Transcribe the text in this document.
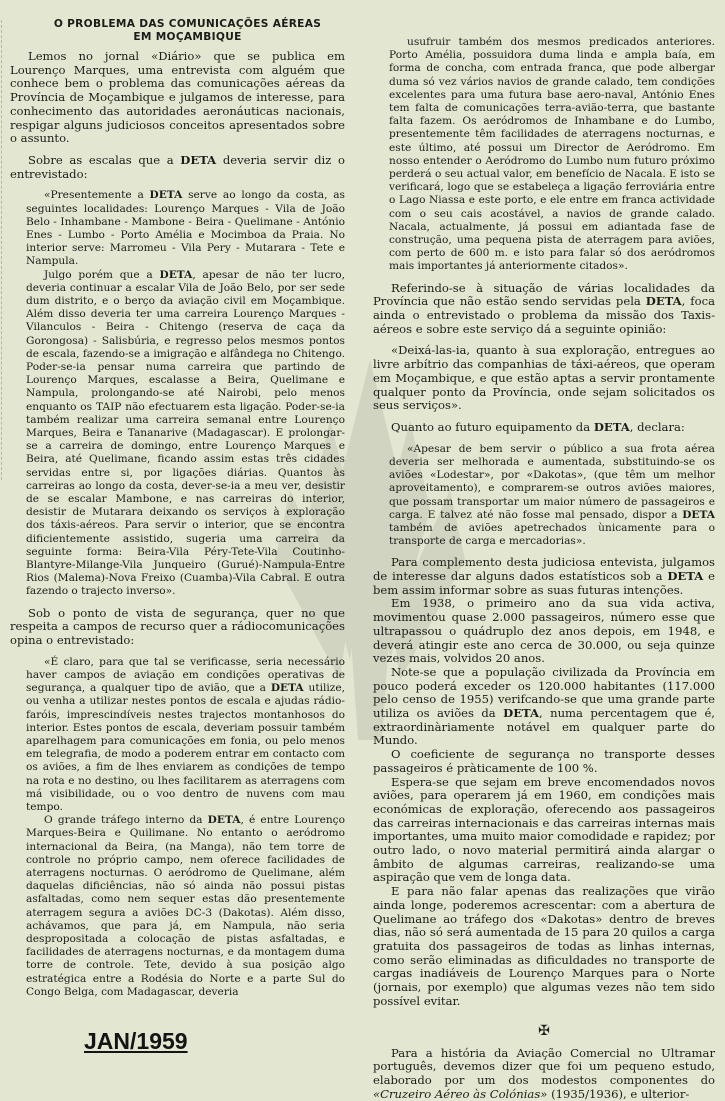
O PROBLEMA DAS COMUNICAÇÕES AÉREAS
EM MOÇAMBIQUE

Lemos no jornal «Diário» que se publica em Lourenço Marques, uma entrevista com alguém que conhece bem o problema das comunicações aéreas da Província de Moçambique e julgamos de interesse, para conhecimento das autoridades aeronáuticas nacionais, respigar alguns judiciosos conceitos apresentados sobre o assunto.

Sobre as escalas que a DETA deveria servir diz o entrevistado:

«Presentemente a DETA serve ao longo da costa, as seguintes localidades: Lourenço Marques - Vila de João Belo - Inhambane - Mambone - Beira - Quelimane - António Enes - Lumbo - Porto Amélia e Mocimboa da Praia. No interior serve: Marromeu - Vila Pery - Mutarara - Tete e Nampula.

Julgo porém que a DETA, apesar de não ter lucro, deveria continuar a escalar Vila de João Belo, por ser sede dum distrito, e o berço da aviação civil em Moçambique. Além disso deveria ter uma carreira Lourenço Marques - Vilanculos - Beira - Chitengo (reserva de caça da Gorongosa) - Salisbúria, e regresso pelos mesmos pontos de escala, fazendo-se a imigração e alfândega no Chitengo. Poder-se-ia pensar numa carreira que partindo de Lourenço Marques, escalasse a Beira, Quelimane e Nampula, prolongando-se até Nairobi, pelo menos enquanto os TAIP não efectuarem esta ligação. Poder-se-ia também realizar uma carreira semanal entre Lourenço Marques, Beira e Tananarive (Madagascar). E prolongar-se a carreira de domingo, entre Lourenço Marques e Beira, até Quelimane, ficando assim estas três cidades servidas entre si, por ligações diárias. Quantos às carreiras ao longo da costa, dever-se-ia a meu ver, desistir de se escalar Mambone, e nas carreiras do interior, desistir de Mutarara deixando os serviços à exploração dos táxis-aéreos. Para servir o interior, que se encontra dificientemente assistido, sugeria uma carreira da seguinte forma: Beira-Vila Péry-Tete-Vila Coutinho-Blantyre-Milange-Vila Junqueiro (Gurué)-Nampula-Entre Rios (Malema)-Nova Freixo (Cuamba)-Vila Cabral. E outra fazendo o trajecto inverso».

Sob o ponto de vista de segurança, quer no que respeita a campos de recurso quer a rádiocomunicações opina o entrevistado:

«É claro, para que tal se verificasse, seria necessário haver campos de aviação em condições operativas de segurança, a qualquer tipo de avião, que a DETA utilize, ou venha a utilizar nestes pontos de escala e ajudas rádio-faróis, imprescindíveis nestes trajectos montanhosos do interior. Estes pontos de escala, deveriam possuir também aparelhagem para comunicações em fonia, ou pelo menos em telegrafia, de modo a poderem entrar em contacto com os aviões, a fim de lhes enviarem as condições de tempo na rota e no destino, ou lhes facilitarem as aterragens com má visibilidade, ou o voo dentro de nuvens com mau tempo.

O grande tráfego interno da DETA, é entre Lourenço Marques-Beira e Quilimane. No entanto o aeródromo internacional da Beira, (na Manga), não tem torre de controle no próprio campo, nem oferece facilidades de aterragens nocturnas. O aeródromo de Quelimane, além daquelas dificiências, não só ainda não possui pistas asfaltadas, como nem sequer estas dão presentemente aterragem segura a aviões DC-3 (Dakotas). Além disso, achávamos, que para já, em Nampula, não seria despropositada a colocação de pistas asfaltadas, e facilidades de aterragens nocturnas, e da montagem duma torre de controle. Tete, devido à sua posição algo estratégica entre a Rodésia do Norte e a parte Sul do Congo Belga, com Madagascar, deveria

JAN/1959

usufruir também dos mesmos predicados anteriores. Porto Amélia, possuidora duma linda e ampla baía, em forma de concha, com entrada franca, que pode albergar duma só vez vários navios de grande calado, tem condições excelentes para uma futura base aero-naval, António Enes tem falta de comunicações terra-avião-terra, que bastante falta fazem. Os aeródromos de Inhambane e do Lumbo, presentemente têm facilidades de aterragens nocturnas, e este último, até possui um Director de Aeródromo. Em nosso entender o Aeródromo do Lumbo num futuro próximo perderá o seu actual valor, em benefício de Nacala. E isto se verificará, logo que se estabeleça a ligação ferroviária entre o Lago Niassa e este porto, e ele entre em franca actividade com o seu cais acostável, a navios de grande calado. Nacala, actualmente, já possui em adiantada fase de construção, uma pequena pista de aterragem para aviões, com perto de 600 m. e isto para falar só dos aeródromos mais importantes já anteriormente citados».

Referindo-se à situação de várias localidades da Província que não estão sendo servidas pela DETA, foca ainda o entrevistado o problema da missão dos Taxis-aéreos e sobre este serviço dá a seguinte opinião:

«Deixá-las-ia, quanto à sua exploração, entregues ao livre arbítrio das companhias de táxi-aéreos, que operam em Moçambique, e que estão aptas a servir prontamente qualquer ponto da Província, onde sejam solicitados os seus serviços».

Quanto ao futuro equipamento da DETA, declara:

«Apesar de bem servir o público a sua frota aérea deveria ser melhorada e aumentada, substituindo-se os aviões «Lodestar», por «Dakotas», (que têm um melhor aproveitamento), e comprarem-se outros aviões maiores, que possam transportar um maior número de passageiros e carga. E talvez até não fosse mal pensado, dispor a DETA também de aviões apetrechados ùnicamente para o transporte de carga e mercadorias».

Para complemento desta judiciosa entevista, julgamos de interesse dar alguns dados estatísticos sob a DETA e bem assim informar sobre as suas futuras intenções.

Em 1938, o primeiro ano da sua vida activa, movimentou quase 2.000 passageiros, número esse que ultrapassou o quádruplo dez anos depois, em 1948, e deverá atingir este ano cerca de 30.000, ou seja quinze vezes mais, volvidos 20 anos.

Note-se que a população civilizada da Província em pouco poderá exceder os 120.000 habitantes (117.000 pelo censo de 1955) verifcando-se que uma grande parte utiliza os aviões da DETA, numa percentagem que é, extraordinàriamente notável em qualquer parte do Mundo.

O coeficiente de segurança no transporte desses passageiros é pràticamente de 100 %.

Espera-se que sejam em breve encomendados novos aviões, para operarem já em 1960, em condições mais económicas de exploração, oferecendo aos passageiros das carreiras internacionais e das carreiras internas mais importantes, uma muito maior comodidade e rapidez; por outro lado, o novo material permitirá ainda alargar o âmbito de algumas carreiras, realizando-se uma aspiração que vem de longa data.

E para não falar apenas das realizações que virão ainda longe, poderemos acrescentar: com a abertura de Quelimane ao tráfego dos «Dakotas» dentro de breves dias, não só será aumentada de 15 para 20 quilos a carga gratuita dos passageiros de todas as linhas internas, como serão eliminadas as dificuldades no transporte de cargas inadiáveis de Lourenço Marques para o Norte (jornais, por exemplo) que algumas vezes não tem sido possível evitar.

✠

Para a história da Aviação Comercial no Ultramar português, devemos dizer que foi um pequeno estudo, elaborado por um dos modestos componentes do «Cruzeiro Aéreo às Colónias» (1935/1936), e ulterior-
